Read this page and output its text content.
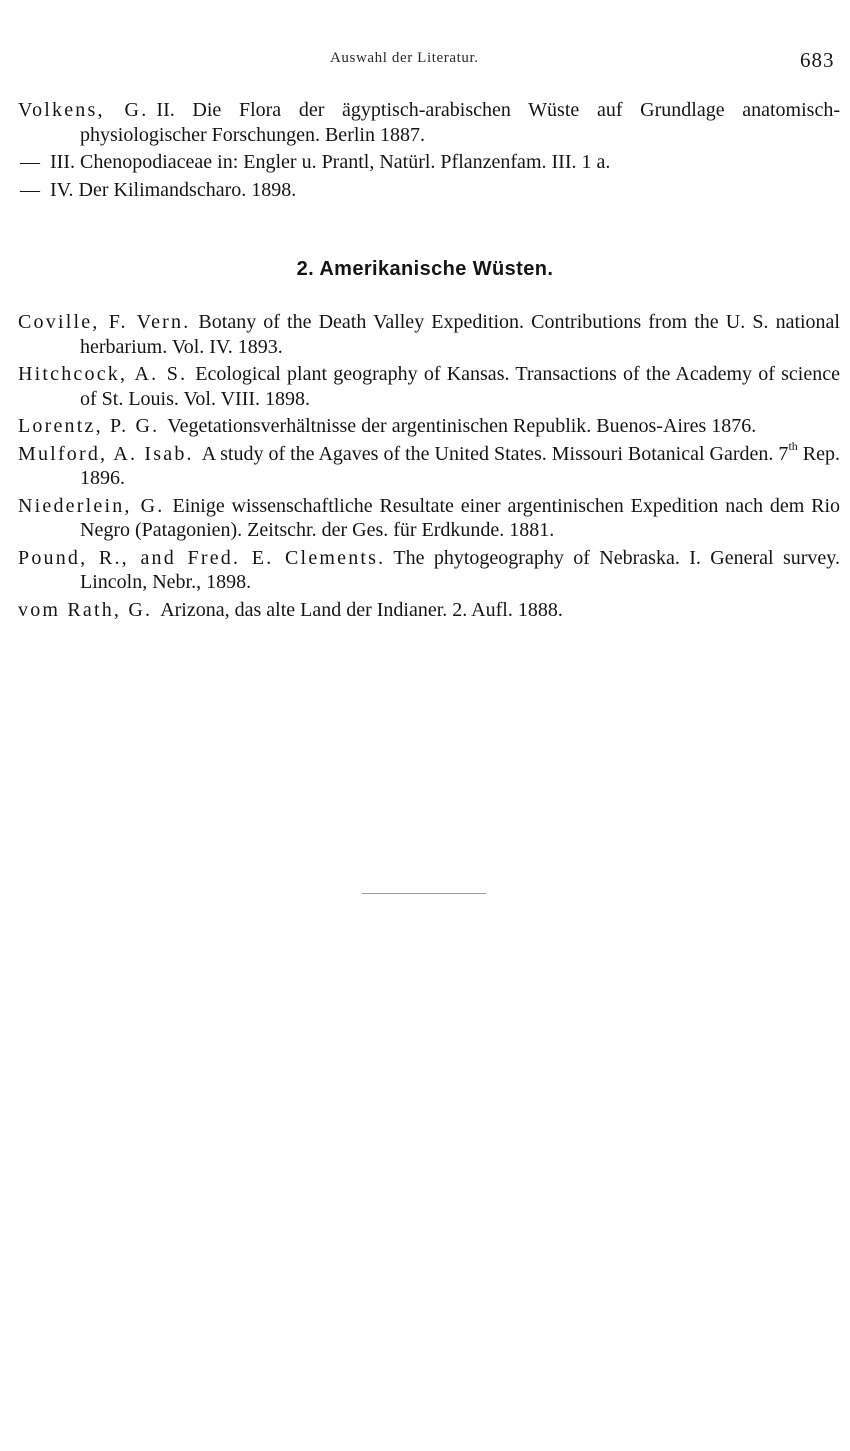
Auswahl der Literatur.	683

Volkens, G. II. Die Flora der ägyptisch-arabischen Wüste auf Grundlage anatomisch-physiologischer Forschungen. Berlin 1887.

— III. Chenopodiaceae in: Engler u. Prantl, Natürl. Pflanzenfam. III. 1 a.

— IV. Der Kilimandscharo. 1898.

2. Amerikanische Wüsten.

Coville, F. Vern. Botany of the Death Valley Expedition. Contributions from the U. S. national herbarium. Vol. IV. 1893.

Hitchcock, A. S. Ecological plant geography of Kansas. Transactions of the Academy of science of St. Louis. Vol. VIII. 1898.

Lorentz, P. G. Vegetationsverhältnisse der argentinischen Republik. Buenos-Aires 1876.

Mulford, A. Isab. A study of the Agaves of the United States. Missouri Botanical Garden. 7th Rep. 1896.

Niederlein, G. Einige wissenschaftliche Resultate einer argentinischen Expedition nach dem Rio Negro (Patagonien). Zeitschr. der Ges. für Erdkunde. 1881.

Pound, R., and Fred. E. Clements. The phytogeography of Nebraska. I. General survey. Lincoln, Nebr., 1898.

vom Rath, G. Arizona, das alte Land der Indianer. 2. Aufl. 1888.
